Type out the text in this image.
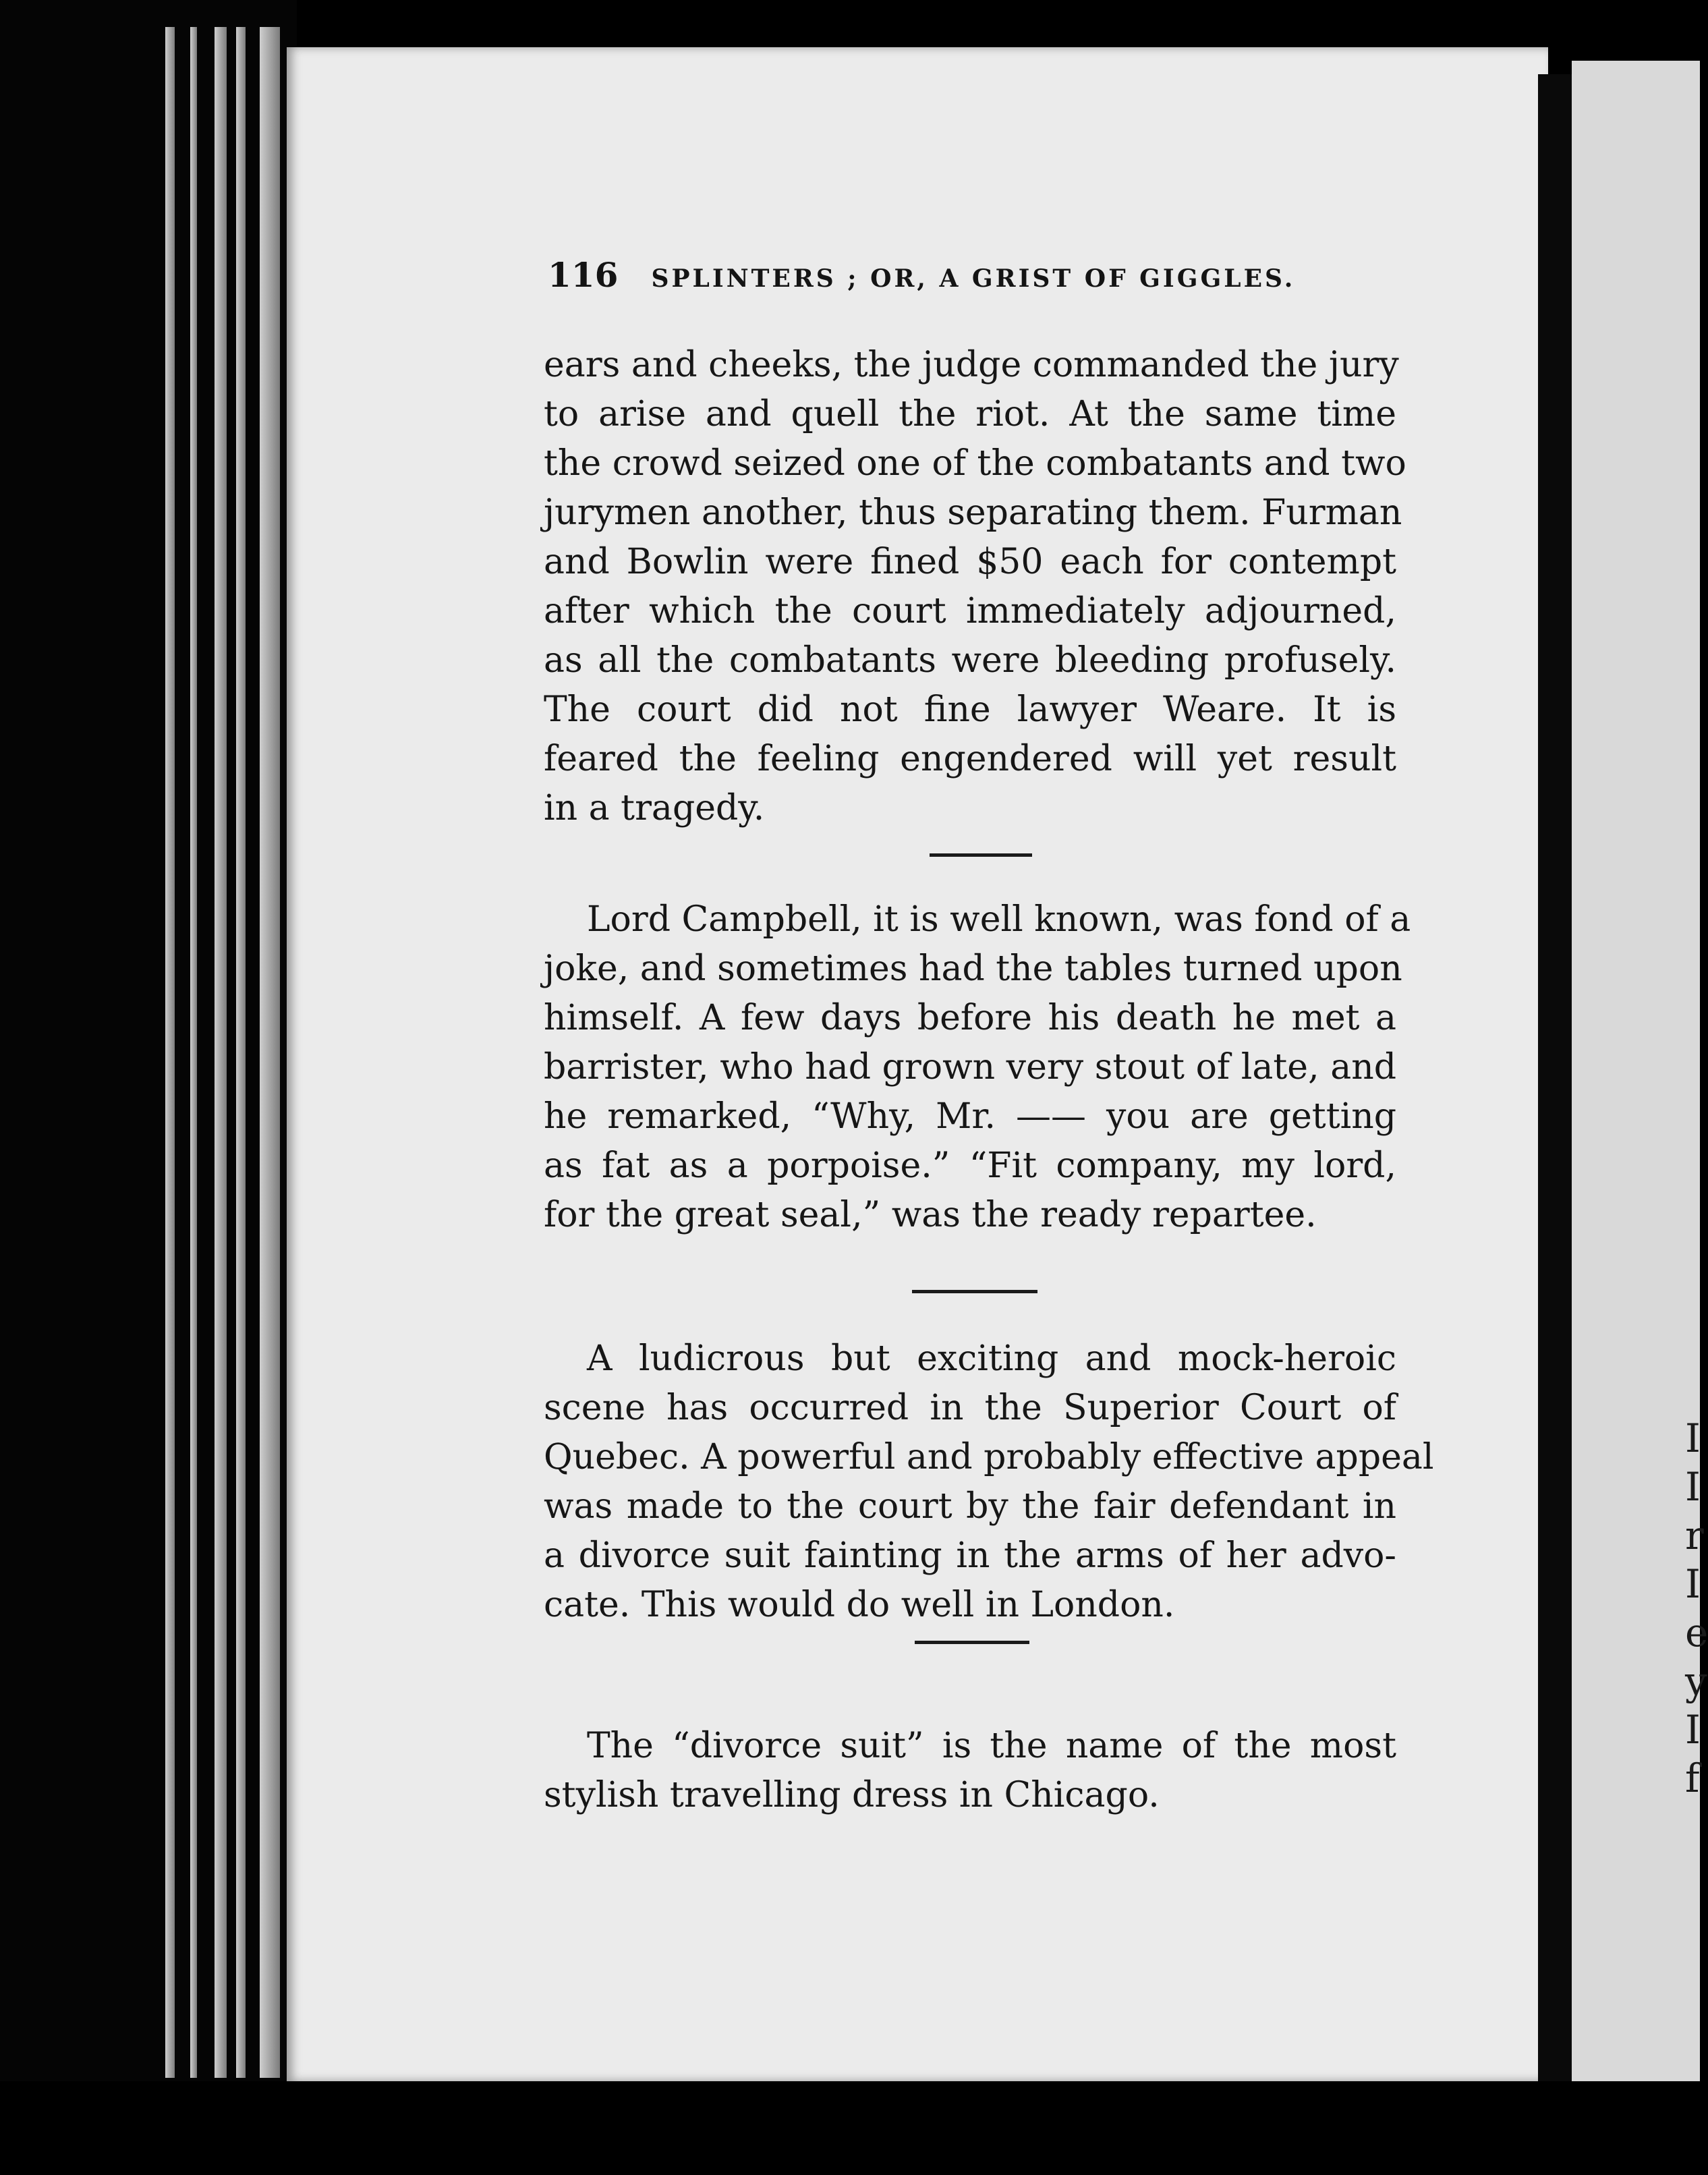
I
I
r
I
e
y
I
f
116 SPLINTERS ; OR, A GRIST OF GIGGLES.
ears and cheeks, the judge commanded the jury
to arise and quell the riot. At the same time
the crowd seized one of the combatants and two
jurymen another, thus separating them. Furman
and Bowlin were fined $50 each for contempt
after which the court immediately adjourned,
as all the combatants were bleeding profusely.
The court did not fine lawyer Weare. It is
feared the feeling engendered will yet result
in a tragedy.
Lord Campbell, it is well known, was fond of a
joke, and sometimes had the tables turned upon
himself. A few days before his death he met a
barrister, who had grown very stout of late, and
he remarked, “Why, Mr. —— you are getting
as fat as a porpoise.” “Fit company, my lord,
for the great seal,” was the ready repartee.
A ludicrous but exciting and mock-heroic
scene has occurred in the Superior Court of
Quebec. A powerful and probably effective appeal
was made to the court by the fair defendant in
a divorce suit fainting in the arms of her advo-
cate. This would do well in London.
The “divorce suit” is the name of the most
stylish travelling dress in Chicago.
